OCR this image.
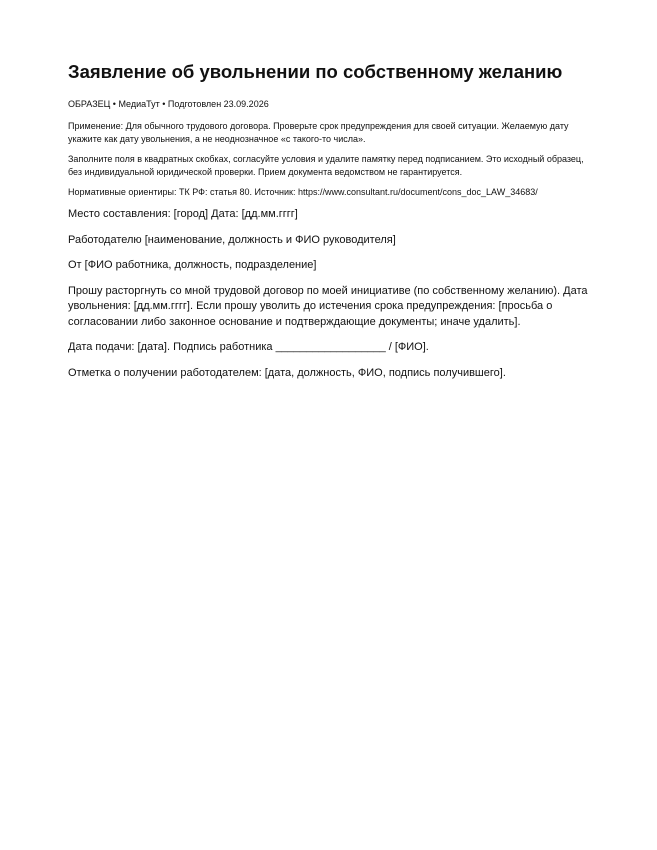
Заявление об увольнении по собственному желанию

ОБРАЗЕЦ • МедиаТут • Подготовлен 23.09.2026

Применение: Для обычного трудового договора. Проверьте срок предупреждения для своей ситуации. Желаемую дату укажите как дату увольнения, а не неоднозначное «с такого-то числа».

Заполните поля в квадратных скобках, согласуйте условия и удалите памятку перед подписанием. Это исходный образец, без индивидуальной юридической проверки. Прием документа ведомством не гарантируется.

Нормативные ориентиры: ТК РФ: статья 80. Источник: https://www.consultant.ru/document/cons_doc_LAW_34683/

Место составления: [город] Дата: [дд.мм.гггг]

Работодателю [наименование, должность и ФИО руководителя]

От [ФИО работника, должность, подразделение]

Прошу расторгнуть со мной трудовой договор по моей инициативе (по собственному желанию). Дата увольнения: [дд.мм.гггг]. Если прошу уволить до истечения срока предупреждения: [просьба о согласовании либо законное основание и подтверждающие документы; иначе удалить].

Дата подачи: [дата]. Подпись работника __________________ / [ФИО].

Отметка о получении работодателем: [дата, должность, ФИО, подпись получившего].
